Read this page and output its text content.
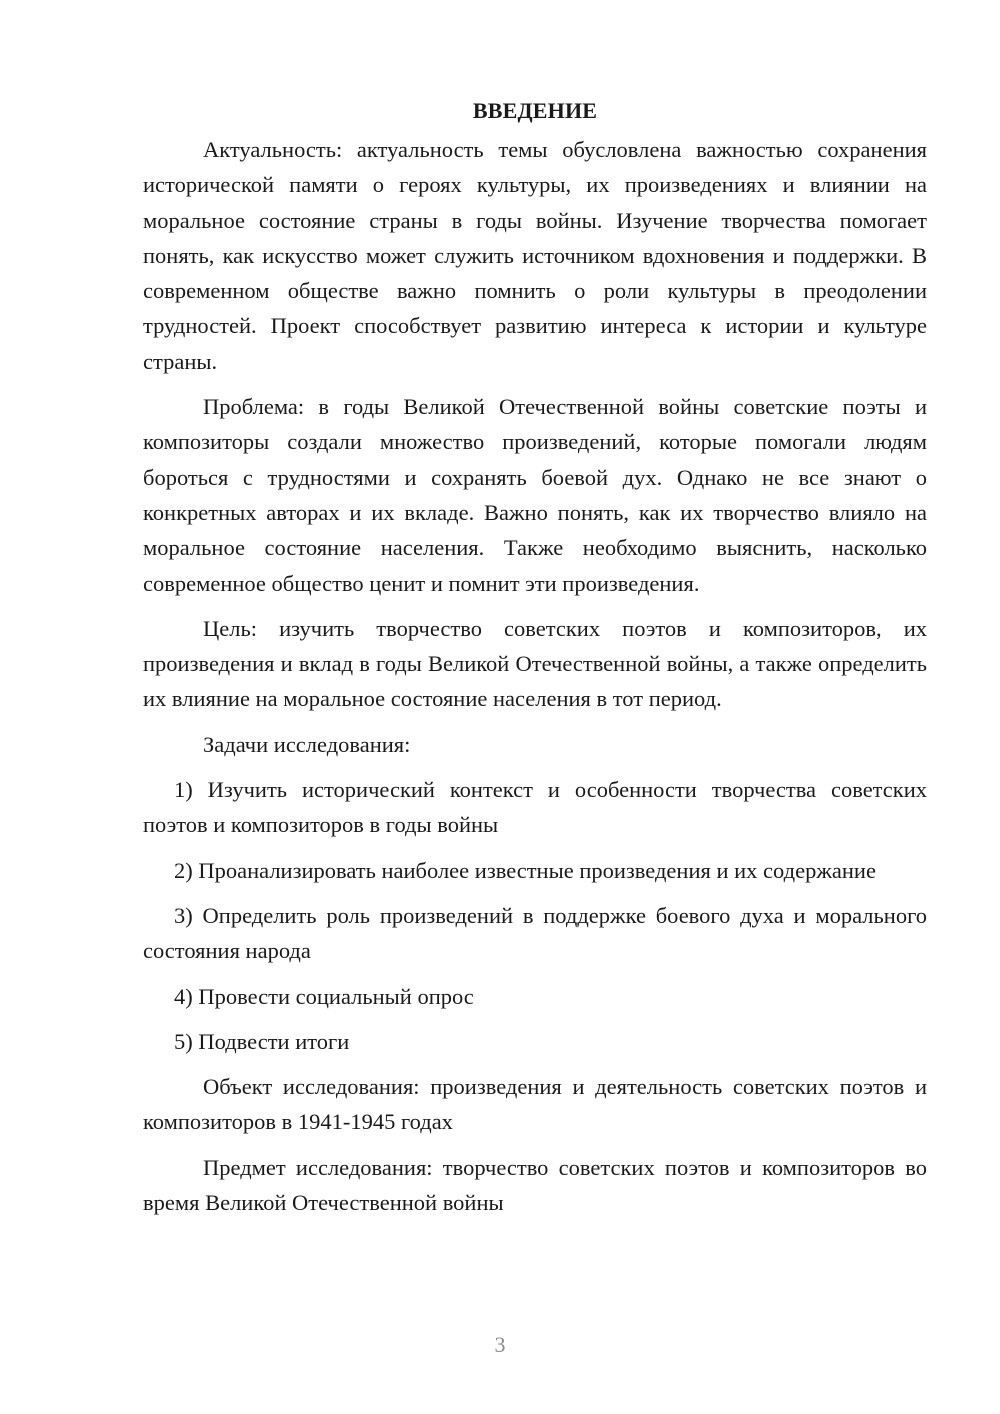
ВВЕДЕНИЕ

Актуальность: актуальность темы обусловлена важностью сохранения исторической памяти о героях культуры, их произведениях и влиянии на моральное состояние страны в годы войны. Изучение творчества помогает понять, как искусство может служить источником вдохновения и поддержки. В современном обществе важно помнить о роли культуры в преодолении трудностей. Проект способствует развитию интереса к истории и культуре страны.

Проблема: в годы Великой Отечественной войны советские поэты и композиторы создали множество произведений, которые помогали людям бороться с трудностями и сохранять боевой дух. Однако не все знают о конкретных авторах и их вкладе. Важно понять, как их творчество влияло на моральное состояние населения. Также необходимо выяснить, насколько современное общество ценит и помнит эти произведения.

Цель: изучить творчество советских поэтов и композиторов, их произведения и вклад в годы Великой Отечественной войны, а также определить их влияние на моральное состояние населения в тот период.

Задачи исследования:

1) Изучить исторический контекст и особенности творчества советских поэтов и композиторов в годы войны

2) Проанализировать наиболее известные произведения и их содержание

3) Определить роль произведений в поддержке боевого духа и морального состояния народа

4) Провести социальный опрос

5) Подвести итоги

Объект исследования: произведения и деятельность советских поэтов и композиторов в 1941-1945 годах

Предмет исследования: творчество советских поэтов и композиторов во время Великой Отечественной войны

3
